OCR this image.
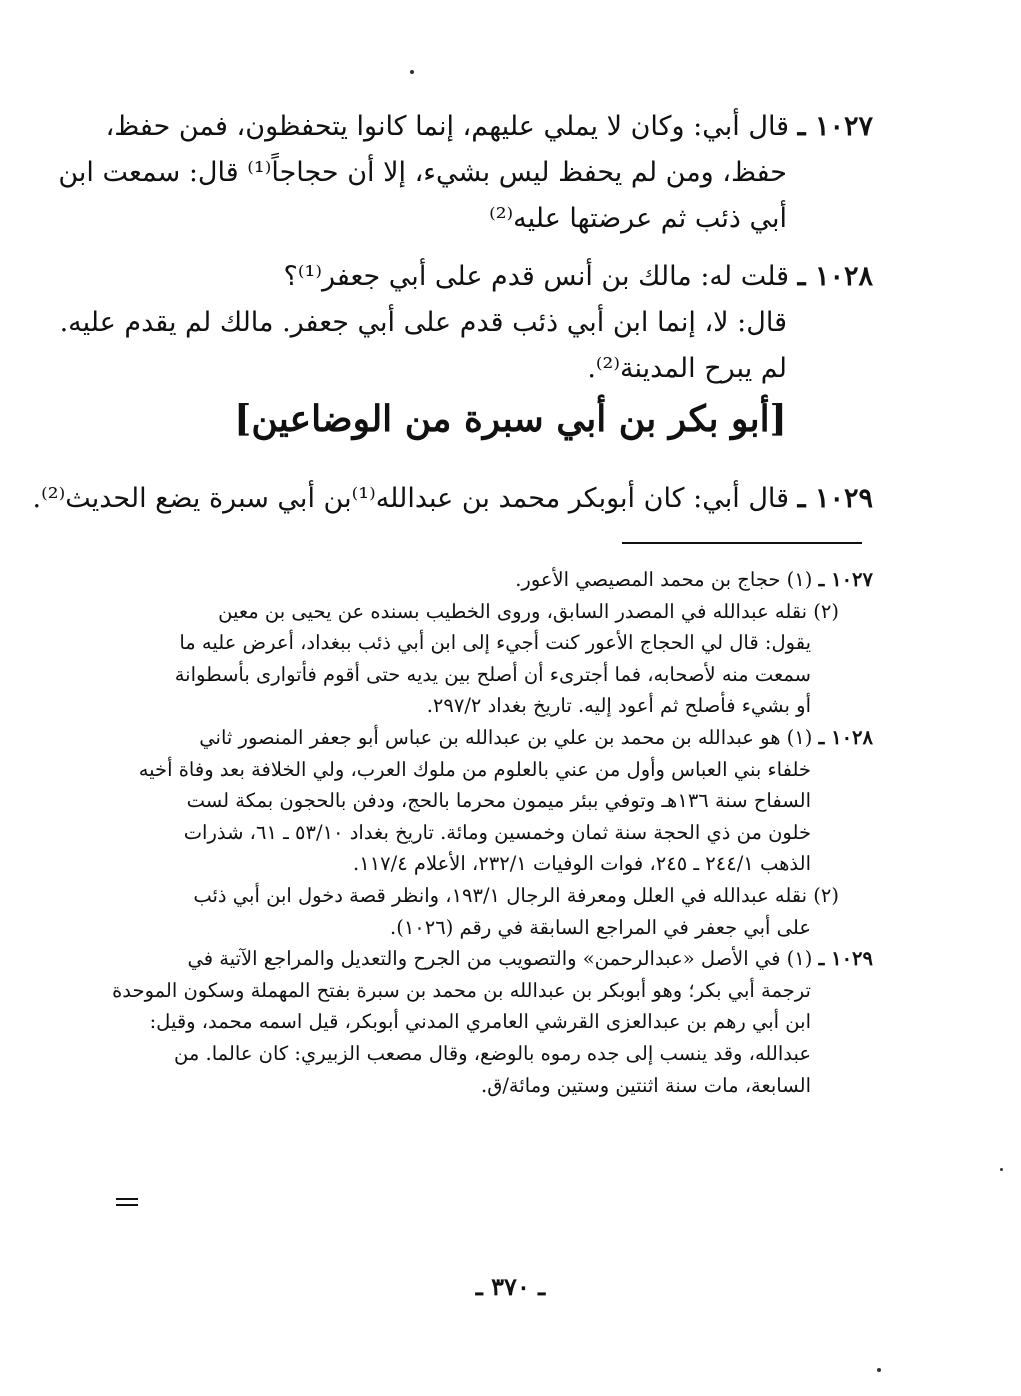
١٠٢٧ ـ قال أبي: وكان لا يملي عليهم، إنما كانوا يتحفظون، فمن حفظ،
حفظ، ومن لم يحفظ ليس بشيء، إلا أن حجاجاً⁽¹⁾ قال: سمعت ابن
أبي ذئب ثم عرضتها عليه⁽²⁾
١٠٢٨ ـ قلت له: مالك بن أنس قدم على أبي جعفر⁽¹⁾؟
قال: لا، إنما ابن أبي ذئب قدم على أبي جعفر. مالك لم يقدم عليه.
لم يبرح المدينة⁽²⁾.
[أبو بكر بن أبي سبرة من الوضاعين]
١٠٢٩ ـ قال أبي: كان أبوبكر محمد بن عبدالله⁽¹⁾بن أبي سبرة يضع الحديث⁽²⁾.
١٠٢٧ ـ (١) حجاج بن محمد المصيصي الأعور.
(٢) نقله عبدالله في المصدر السابق، وروى الخطيب بسنده عن يحيى بن معين
يقول: قال لي الحجاج الأعور كنت أجيء إلى ابن أبي ذئب ببغداد، أعرض عليه ما
سمعت منه لأصحابه، فما أجترىء أن أصلح بين يديه حتى أقوم فأتوارى بأسطوانة
أو بشيء فأصلح ثم أعود إليه. تاريخ بغداد ٢٩٧/٢.
١٠٢٨ ـ (١) هو عبدالله بن محمد بن علي بن عبدالله بن عباس أبو جعفر المنصور ثاني
خلفاء بني العباس وأول من عني بالعلوم من ملوك العرب، ولي الخلافة بعد وفاة أخيه
السفاح سنة ١٣٦هـ وتوفي ببئر ميمون محرما بالحج، ودفن بالحجون بمكة لست
خلون من ذي الحجة سنة ثمان وخمسين ومائة. تاريخ بغداد ٥٣/١٠ ـ ٦١، شذرات
الذهب ٢٤٤/١ ـ ٢٤٥، فوات الوفيات ٢٣٢/١، الأعلام ١١٧/٤.
(٢) نقله عبدالله في العلل ومعرفة الرجال ١٩٣/١، وانظر قصة دخول ابن أبي ذئب
على أبي جعفر في المراجع السابقة في رقم (١٠٢٦).
١٠٢٩ ـ (١) في الأصل «عبدالرحمن» والتصويب من الجرح والتعديل والمراجع الآتية في
ترجمة أبي بكر؛ وهو أبوبكر بن عبدالله بن محمد بن سبرة بفتح المهملة وسكون الموحدة
ابن أبي رهم بن عبدالعزى القرشي العامري المدني أبوبكر، قيل اسمه محمد، وقيل:
عبدالله، وقد ينسب إلى جده رموه بالوضع، وقال مصعب الزبيري: كان عالما. من
السابعة، مات سنة اثنتين وستين ومائة/ق.
ـ ٣٧٠ ـ
